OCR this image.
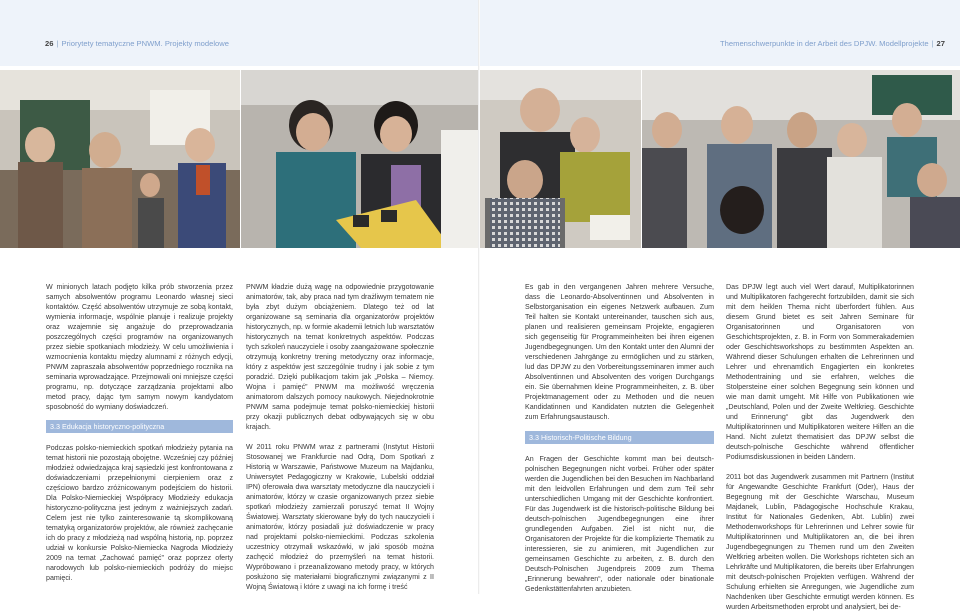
26 | Priorytety tematyczne PNWM. Projekty modelowe

W minionych latach podjęto kilka prób stworzenia przez samych absolwentów programu Leonardo własnej sieci kontaktów. Część absolwentów utrzymuje ze sobą kontakt, wymienia informacje, wspólnie planuje i realizuje projekty oraz wzajemnie się angażuje do przeprowadzania poszczególnych części programów na organizowanych przez siebie spotkaniach młodzieży. W celu umożliwienia i wzmocnienia kontaktu między alumnami z różnych edycji, PNWM zapraszała absolwentów poprzedniego rocznika na seminaria wprowadzające. Przejmowali oni mniejsze części programu, np. dotyczące zarządzania projektami albo metod pracy, dając tym samym nowym kandydatom sposobność do wymiany doświadczeń.

3.3 Edukacja historyczno-polityczna

Podczas polsko-niemieckich spotkań młodzieży pytania na temat historii nie pozostają obojętne. Wcześniej czy później młodzież odwiedzająca kraj sąsiedzki jest konfrontowana z doświadczeniami przepełnionymi cierpieniem oraz z częściowo bardzo zróżnicowanym podejściem do historii. Dla Polsko-Niemieckiej Współpracy Młodzieży edukacja historyczno-polityczna jest jednym z ważniejszych zadań. Celem jest nie tylko zainteresowanie tą skomplikowaną tematyką organizatorów projektów, ale również zachęcanie ich do pracy z młodzieżą nad wspólną historią, np. poprzez udział w konkursie Polsko-Niemiecka Nagroda Młodzieży 2009 na temat „Zachować pamięć” oraz poprzez oferty narodowych lub polsko-niemieckich podróży do miejsc pamięci.

PNWM kładzie dużą wagę na odpowiednie przygotowanie animatorów, tak, aby praca nad tym drażliwym tematem nie była zbyt dużym obciążeniem. Dlatego też od lat organizowane są seminaria dla organizatorów projektów historycznych, np. w formie akademii letnich lub warsztatów historycznych na temat konkretnych aspektów. Podczas tych szkoleń nauczyciele i osoby zaangażowane społecznie otrzymują konkretny trening metodyczny oraz informacje, który z aspektów jest szczególnie trudny i jak sobie z tym poradzić. Dzięki publikacjom takim jak „Polska – Niemcy. Wojna i pamięć” PNWM ma możliwość wręczenia animatorom dalszych pomocy naukowych. Niejednokrotnie PNWM sama podejmuje temat polsko-niemieckiej historii przy okazji publicznych debat odbywających się w obu krajach.

W 2011 roku PNWM wraz z partnerami (Instytut Historii Stosowanej we Frankfurcie nad Odrą, Dom Spotkań z Historią w Warszawie, Państwowe Muzeum na Majdanku, Uniwersytet Pedagogiczny w Krakowie, Lubelski oddział IPN) oferowała dwa warsztaty metodyczne dla nauczycieli i animatorów, którzy w czasie organizowanych przez siebie spotkań młodzieży zamierzali poruszyć temat II Wojny Światowej. Warsztaty skierowane były do tych nauczycieli i animatorów, którzy posiadali już doświadczenie w pracy nad projektami polsko-niemieckimi. Podczas szkolenia uczestnicy otrzymali wskazówki, w jaki sposób można zachęcić młodzież do przemyśleń na temat historii. Wypróbowano i przeanalizowano metody pracy, w których posłużono się materiałami biograficznymi związanymi z II Wojną Światową i które z uwagi na ich formę i treść

Themenschwerpunkte in der Arbeit des DPJW. Modellprojekte | 27

Es gab in den vergangenen Jahren mehrere Versuche, dass die Leonardo-Absolventinnen und Absolventen in Selbstorganisation ein eigenes Netzwerk aufbauen. Zum Teil halten sie Kontakt untereinander, tauschen sich aus, planen und realisieren gemeinsam Projekte, engagieren sich gegenseitig für Programmeinheiten bei ihren eigenen Jugendbegegnungen. Um den Kontakt unter den Alumni der verschiedenen Jahrgänge zu ermöglichen und zu stärken, lud das DPJW zu den Vorbereitungsseminaren immer auch Absolventinnen und Absolventen des vorigen Durchgangs ein. Sie übernahmen kleine Programmeinheiten, z. B. über Projektmanagement oder zu Methoden und die neuen Kandidatinnen und Kandidaten nutzten die Gelegenheit zum Erfahrungsaustausch.

3.3 Historisch-Politische Bildung

An Fragen der Geschichte kommt man bei deutsch-polnischen Begegnungen nicht vorbei. Früher oder später werden die Jugendlichen bei den Besuchen im Nachbarland mit den leidvollen Erfahrungen und dem zum Teil sehr unterschiedlichen Umgang mit der Geschichte konfrontiert. Für das Jugendwerk ist die historisch-politische Bildung bei deutsch-polnischen Jugendbegegnungen eine ihrer grundlegenden Aufgaben. Ziel ist nicht nur, die Organisatoren der Projekte für die komplizierte Thematik zu interessieren, sie zu animieren, mit Jugendlichen zur gemeinsamen Geschichte zu arbeiten, z. B. durch den Deutsch-Polnischen Jugendpreis 2009 zum Thema „Erinnerung bewahren“, oder nationale oder binationale Gedenkstättenfahrten anzubieten.

Das DPJW legt auch viel Wert darauf, Multiplikatorinnen und Multiplikatoren fachgerecht fortzubilden, damit sie sich mit dem heiklen Thema nicht überfordert fühlen. Aus diesem Grund bietet es seit Jahren Seminare für Organisatorinnen und Organisatoren von Geschichtsprojekten, z. B. in Form von Sommerakademien oder Geschichtsworkshops zu bestimmten Aspekten an. Während dieser Schulungen erhalten die Lehrerinnen und Lehrer und ehrenamtlich Engagierten ein konkretes Methodentraining und sie erfahren, welches die Stolpersteine einer solchen Begegnung sein können und wie man damit umgeht. Mit Hilfe von Publikationen wie „Deutschland, Polen und der Zweite Weltkrieg. Geschichte und Erinnerung“ gibt das Jugendwerk den Multiplikatorinnen und Multiplikatoren weitere Hilfen an die Hand. Nicht zuletzt thematisiert das DPJW selbst die deutsch-polnische Geschichte während öffentlicher Podiumsdiskussionen in beiden Ländern.

2011 bot das Jugendwerk zusammen mit Partnern (Institut für Angewandte Geschichte Frankfurt (Oder), Haus der Begegnung mit der Geschichte Warschau, Museum Majdanek, Lublin, Pädagogische Hochschule Krakau, Institut für Nationales Gedenken, Abt. Lublin) zwei Methodenworkshops für Lehrerinnen und Lehrer sowie für Multiplikatorinnen und Multiplikatoren an, die bei ihren Jugendbegegnungen zu Themen rund um den Zweiten Weltkrieg arbeiten wollen. Die Workshops richteten sich an Lehrkräfte und Multiplikatoren, die bereits über Erfahrungen mit deutsch-polnischen Projekten verfügen. Während der Schulung erhielten sie Anregungen, wie Jugendliche zum Nachdenken über Geschichte ermutigt werden können. Es wurden Arbeitsmethoden erprobt und analysiert, bei de-
